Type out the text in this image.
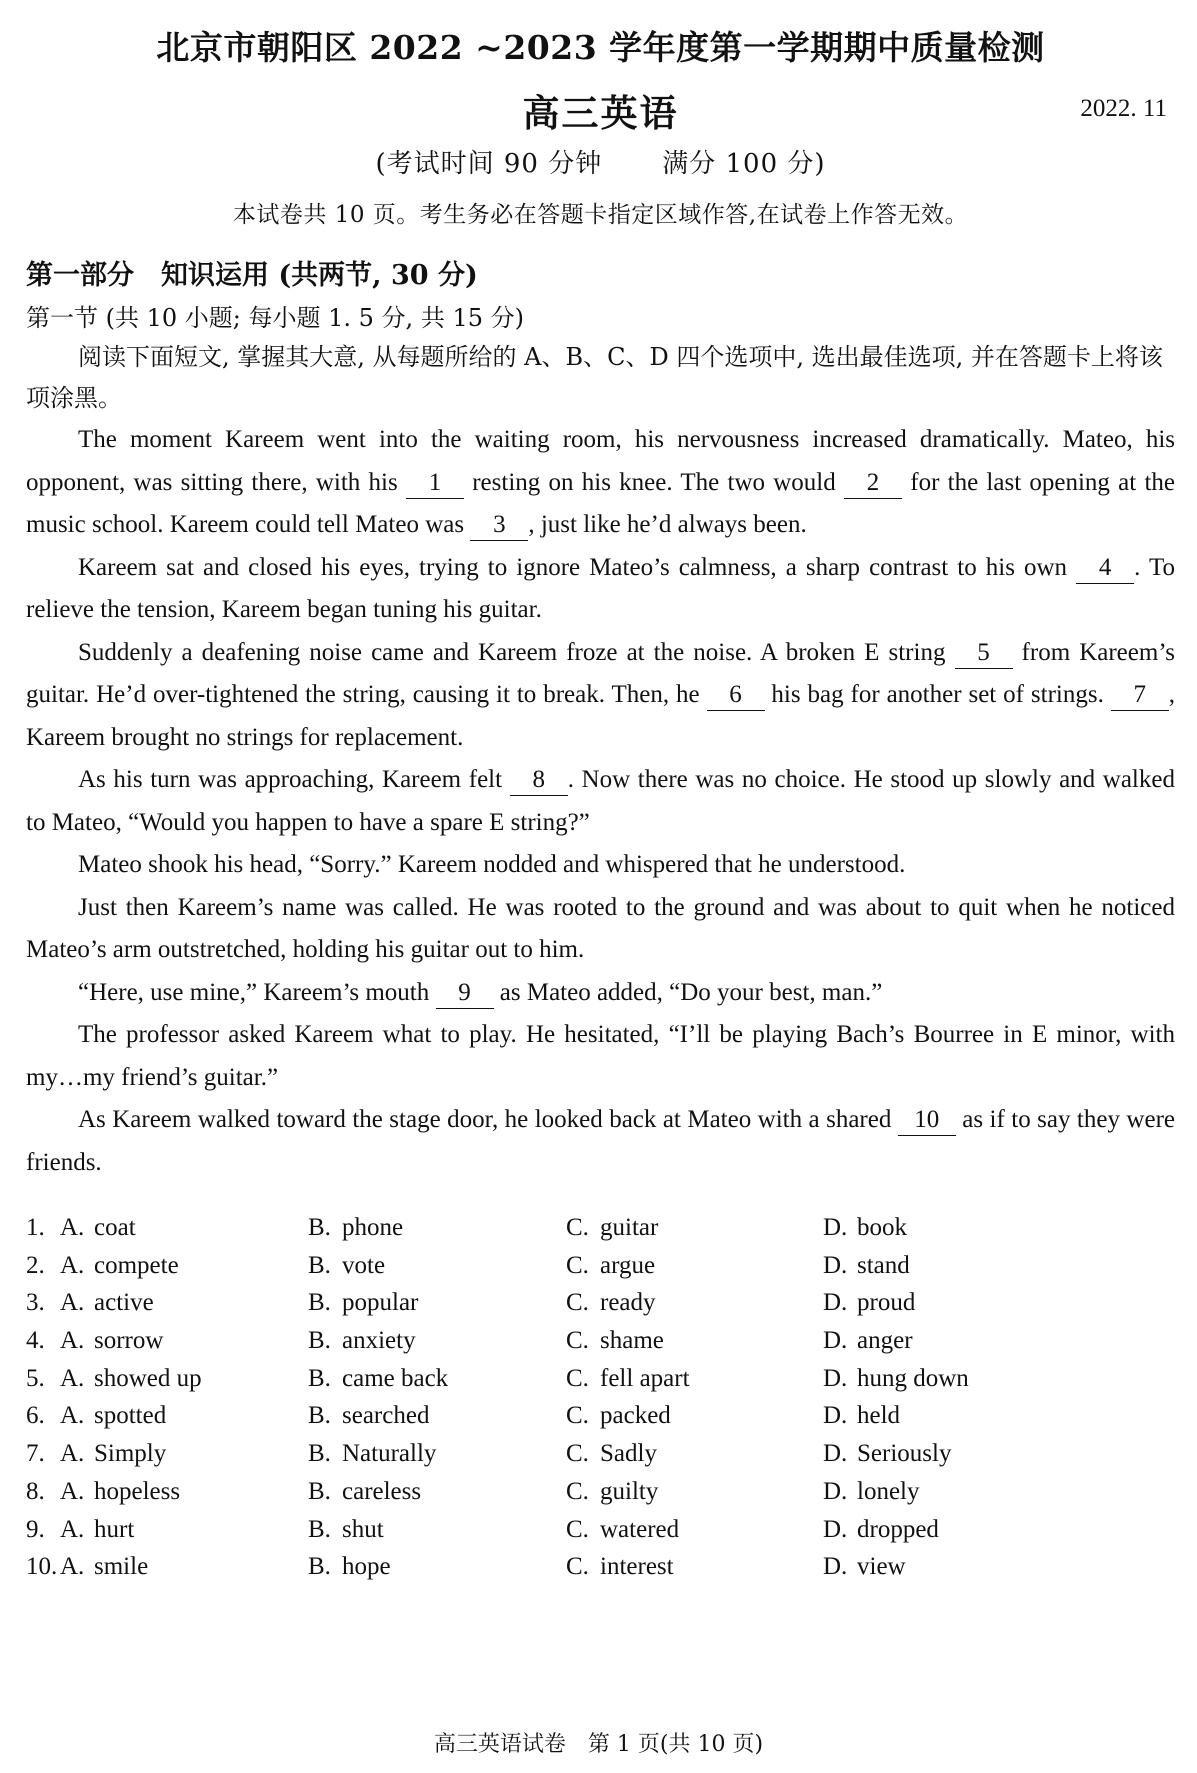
北京市朝阳区 2022 ~2023 学年度第一学期期中质量检测
高三英语	2022. 11
(考试时间 90 分钟 满分 100 分)
本试卷共 10 页。考生务必在答题卡指定区域作答,在试卷上作答无效。
第一部分　知识运用 (共两节, 30 分)
第一节 (共 10 小题; 每小题 1. 5 分, 共 15 分)

阅读下面短文, 掌握其大意, 从每题所给的 A、B、C、D 四个选项中, 选出最佳选项, 并在答题卡上将该项涂黑。

The moment Kareem went into the waiting room, his nervousness increased dramatically. Mateo, his opponent, was sitting there, with his 1 resting on his knee. The two would 2 for the last opening at the music school. Kareem could tell Mateo was 3 , just like he’d always been.

Kareem sat and closed his eyes, trying to ignore Mateo’s calmness, a sharp contrast to his own 4 . To relieve the tension, Kareem began tuning his guitar.

Suddenly a deafening noise came and Kareem froze at the noise. A broken E string 5 from Kareem’s guitar. He’d over-tightened the string, causing it to break. Then, he 6 his bag for another set of strings. 7 , Kareem brought no strings for replacement.

As his turn was approaching, Kareem felt 8 . Now there was no choice. He stood up slowly and walked to Mateo, “Would you happen to have a spare E string?”

Mateo shook his head, “Sorry.” Kareem nodded and whispered that he understood.

Just then Kareem’s name was called. He was rooted to the ground and was about to quit when he noticed Mateo’s arm outstretched, holding his guitar out to him.

“Here, use mine,” Kareem’s mouth 9 as Mateo added, “Do your best, man.”

The professor asked Kareem what to play. He hesitated, “I’ll be playing Bach’s Bourree in E minor, with my…my friend’s guitar.”

As Kareem walked toward the stage door, he looked back at Mateo with a shared 10 as if to say they were friends.

1. A. coat	B. phone	C. guitar	D. book
2. A. compete	B. vote	C. argue	D. stand
3. A. active	B. popular	C. ready	D. proud
4. A. sorrow	B. anxiety	C. shame	D. anger
5. A. showed up	B. came back	C. fell apart	D. hung down
6. A. spotted	B. searched	C. packed	D. held
7. A. Simply	B. Naturally	C. Sadly	D. Seriously
8. A. hopeless	B. careless	C. guilty	D. lonely
9. A. hurt	B. shut	C. watered	D. dropped
10. A. smile	B. hope	C. interest	D. view
高三英语试卷　第 1 页(共 10 页)
